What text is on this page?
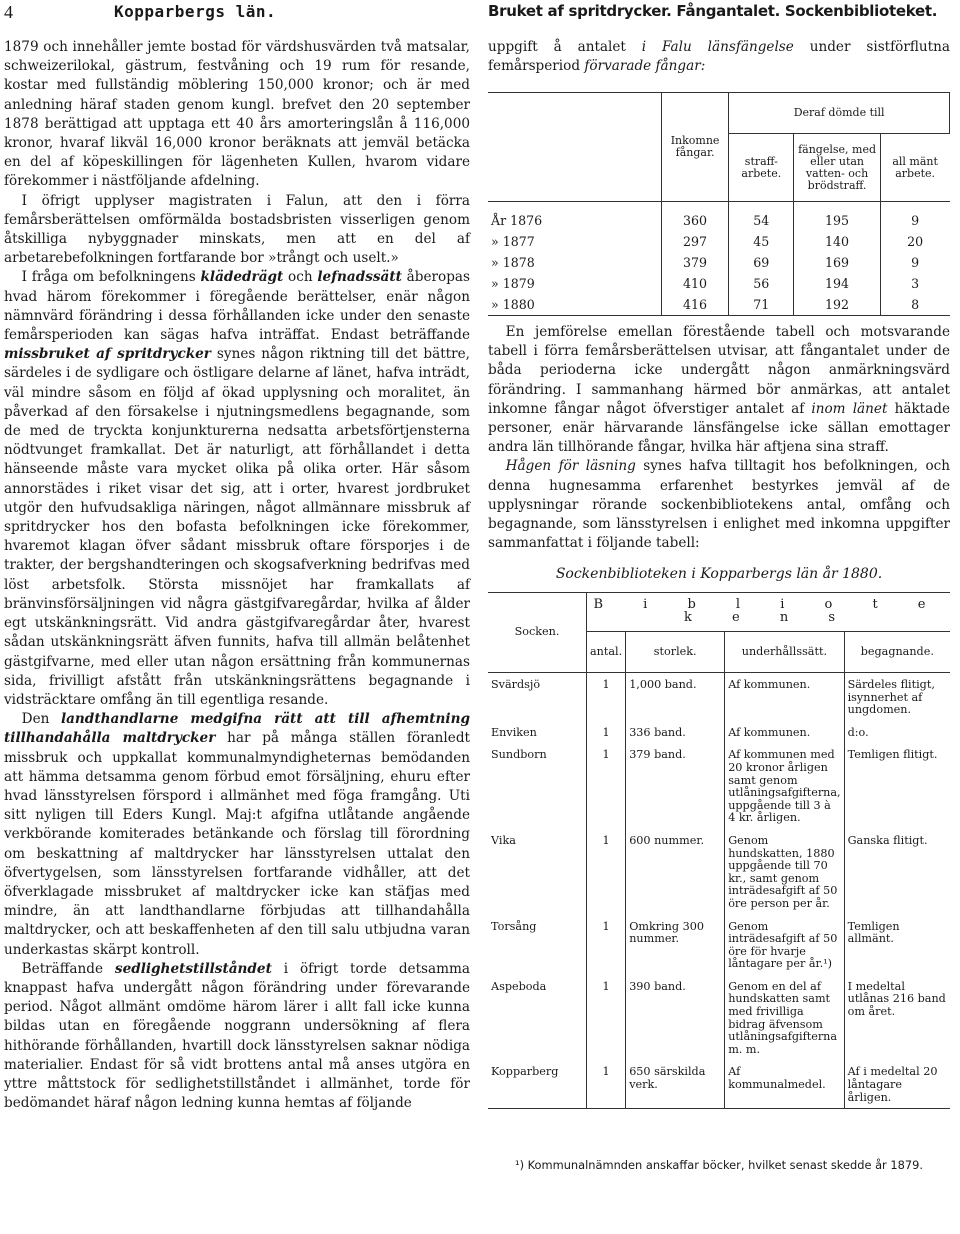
4	Kopparbergs län.	Bruket af spritdrycker. Fångantalet. Sockenbiblioteket.

1879 och innehåller jemte bostad för värdshusvärden två matsalar, schweizerilokal, gästrum, festvåning och 19 rum för resande, kostar med fullständig möblering 150,000 kronor; och är med anledning häraf staden genom kungl. brefvet den 20 september 1878 berättigad att upptaga ett 40 års amorteringslån å 116,000 kronor, hvaraf likväl 16,000 kronor beräknats att jemväl betäcka en del af köpeskillingen för lägenheten Kullen, hvarom vidare förekommer i nästföljande afdelning.

I öfrigt upplyser magistraten i Falun, att den i förra femårsberättelsen omförmälda bostadsbristen visserligen genom åtskilliga nybyggnader minskats, men att en del af arbetarebefolkningen fortfarande bor »trångt och uselt.»

I fråga om befolkningens klädedrägt och lefnadssätt åberopas hvad härom förekommer i föregående berättelser, enär någon nämnvärd förändring i dessa förhållanden icke under den senaste femårsperioden kan sägas hafva inträffat. Endast beträffande missbruket af spritdrycker synes någon riktning till det bättre, särdeles i de sydligare och östligare delarne af länet, hafva inträdt, väl mindre såsom en följd af ökad upplysning och moralitet, än påverkad af den försakelse i njutningsmedlens begagnande, som de med de tryckta konjunkturerna nedsatta arbetsförtjensterna nödtvunget framkallat. Det är naturligt, att förhållandet i detta hänseende måste vara mycket olika på olika orter. Här såsom annorstädes i riket visar det sig, att i orter, hvarest jordbruket utgör den hufvudsakliga näringen, något allmännare missbruk af spritdrycker hos den bofasta befolkningen icke förekommer, hvaremot klagan öfver sådant missbruk oftare försporjes i de trakter, der bergshandteringen och skogsafverkning bedrifvas med löst arbetsfolk. Största missnöjet har framkallats af bränvinsförsäljningen vid några gästgifvaregårdar, hvilka af ålder egt utskänkningsrätt. Vid andra gästgifvaregårdar åter, hvarest sådan utskänkningsrätt äfven funnits, hafva till allmän belåtenhet gästgifvarne, med eller utan någon ersättning från kommunernas sida, frivilligt afstått från utskänkningsrättens begagnande i vidsträcktare omfång än till egentliga resande.

Den landthandlarne medgifna rätt att till afhemtning tillhandahålla maltdrycker har på många ställen föranledt missbruk och uppkallat kommunalmyndigheternas bemödanden att hämma detsamma genom förbud emot försäljning, ehuru efter hvad länsstyrelsen förspord i allmänhet med föga framgång. Uti sitt nyligen till Eders Kungl. Maj:t afgifna utlåtande angående verkbörande komiterades betänkande och förslag till förordning om beskattning af maltdrycker har länsstyrelsen uttalat den öfvertygelsen, som länsstyrelsen fortfarande vidhåller, att det öfverklagade missbruket af maltdrycker icke kan stäfjas med mindre, än att landthandlarne förbjudas att tillhandahålla maltdrycker, och att beskaffenheten af den till salu utbjudna varan underkastas skärpt kontroll.

Beträffande sedlighetstillståndet i öfrigt torde detsamma knappast hafva undergått någon förändring under förevarande period. Något allmänt omdöme härom lärer i allt fall icke kunna bildas utan en föregående noggrann undersökning af flera hithörande förhållanden, hvartill dock länsstyrelsen saknar nödiga materialier. Endast för så vidt brottens antal må anses utgöra en yttre måttstock för sedlighetstillståndet i allmänhet, torde för bedömandet häraf någon ledning kunna hemtas af följande

uppgift å antalet i Falu länsfängelse under sistförflutna femårsperiod förvarade fångar:

	Inkomne fångar.	Deraf dömde till		
		straff-arbete.	fängelse, med eller utan vatten- och brödstraff.	all mänt arbete.
År 1876	360	54	195	9
» 1877	297	45	140	20
» 1878	379	69	169	9
» 1879	410	56	194	3
» 1880	416	71	192	8

En jemförelse emellan föreståendе tabell och motsvarande tabell i förra femårsberättelsen utvisar, att fångantalet under de båda perioderna icke undergått någon anmärkningsvärd förändring. I sammanhang härmed bör anmärkas, att antalet inkomne fångar något öfverstiger antalet af inom länet häktade personer, enär härvarande länsfängelse icke sällan emottager andra län tillhörande fångar, hvilka här aftjena sina straff.

Hågen för läsning synes hafva tilltagit hos befolkningen, och denna hugnesamma erfarenhet bestyrkes jemväl af de upplysningar rörande sockenbibliotekens antal, omfång och begagnande, som länsstyrelsen i enlighet med inkomna uppgifter sammanfattat i följande tabell:

Sockenbiblioteken i Kopparbergs län år 1880.
Socken.	B i b l i o t e k e n s			
	antal.	storlek.	underhållssätt.	begagnande.
Svärdsjö	1	1,000 band.	Af kommunen.	Särdeles flitigt, isynnerhet af ungdomen.
Enviken	1	336 band.	Af kommunen.	d:o.
Sundborn	1	379 band.	Af kommunen med 20 kronor årligen samt genom utlåningsafgifterna, uppgående till 3 à 4 kr. årligen.	Temligen flitigt.
Vika	1	600 nummer.	Genom hundskatten, 1880 uppgående till 70 kr., samt genom inträdesafgift af 50 öre person per år.	Ganska flitigt.
Torsång	1	Omkring 300 nummer.	Genom inträdesafgift af 50 öre för hvarje låntagare per år.¹)	Temligen allmänt.
Aspeboda	1	390 band.	Genom en del af hundskatten samt med frivilliga bidrag äfvensom utlåningsafgifterna m. m.	I medeltal utlånas 216 band om året.
Kopparberg	1	650 särskilda verk.	Af kommunalmedel.	Af i medeltal 20 låntagare årligen.
¹) Kommunalnämnden anskaffar böcker, hvilket senast skedde år 1879.
